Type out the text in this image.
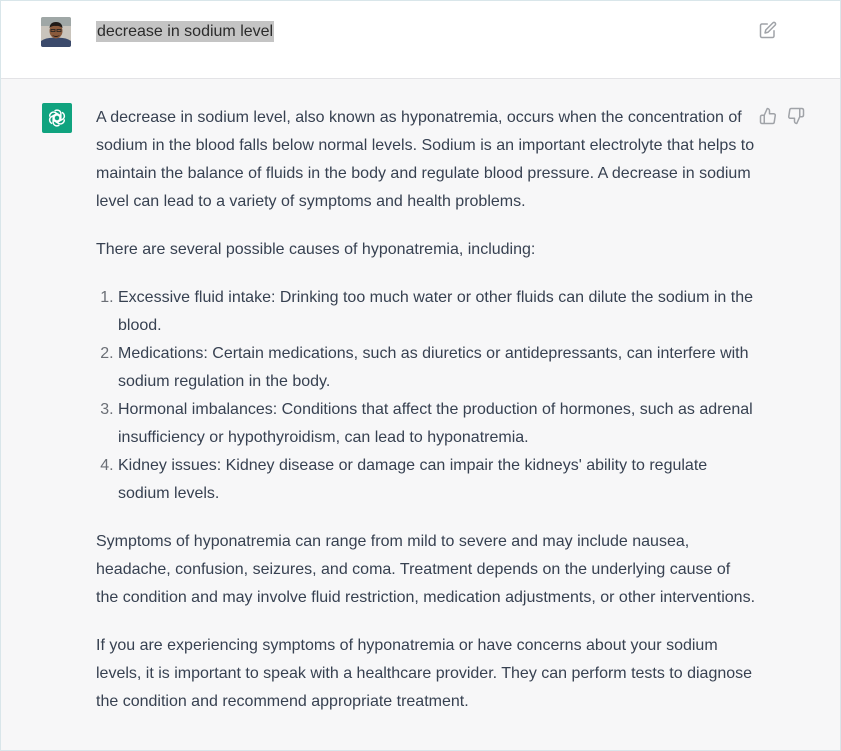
decrease in sodium level

A decrease in sodium level, also known as hyponatremia, occurs when the concentration of sodium in the blood falls below normal levels. Sodium is an important electrolyte that helps to maintain the balance of fluids in the body and regulate blood pressure. A decrease in sodium level can lead to a variety of symptoms and health problems.

There are several possible causes of hyponatremia, including:

1. Excessive fluid intake: Drinking too much water or other fluids can dilute the sodium in the blood.
2. Medications: Certain medications, such as diuretics or antidepressants, can interfere with sodium regulation in the body.
3. Hormonal imbalances: Conditions that affect the production of hormones, such as adrenal insufficiency or hypothyroidism, can lead to hyponatremia.
4. Kidney issues: Kidney disease or damage can impair the kidneys' ability to regulate sodium levels.

Symptoms of hyponatremia can range from mild to severe and may include nausea, headache, confusion, seizures, and coma. Treatment depends on the underlying cause of the condition and may involve fluid restriction, medication adjustments, or other interventions.

If you are experiencing symptoms of hyponatremia or have concerns about your sodium levels, it is important to speak with a healthcare provider. They can perform tests to diagnose the condition and recommend appropriate treatment.
